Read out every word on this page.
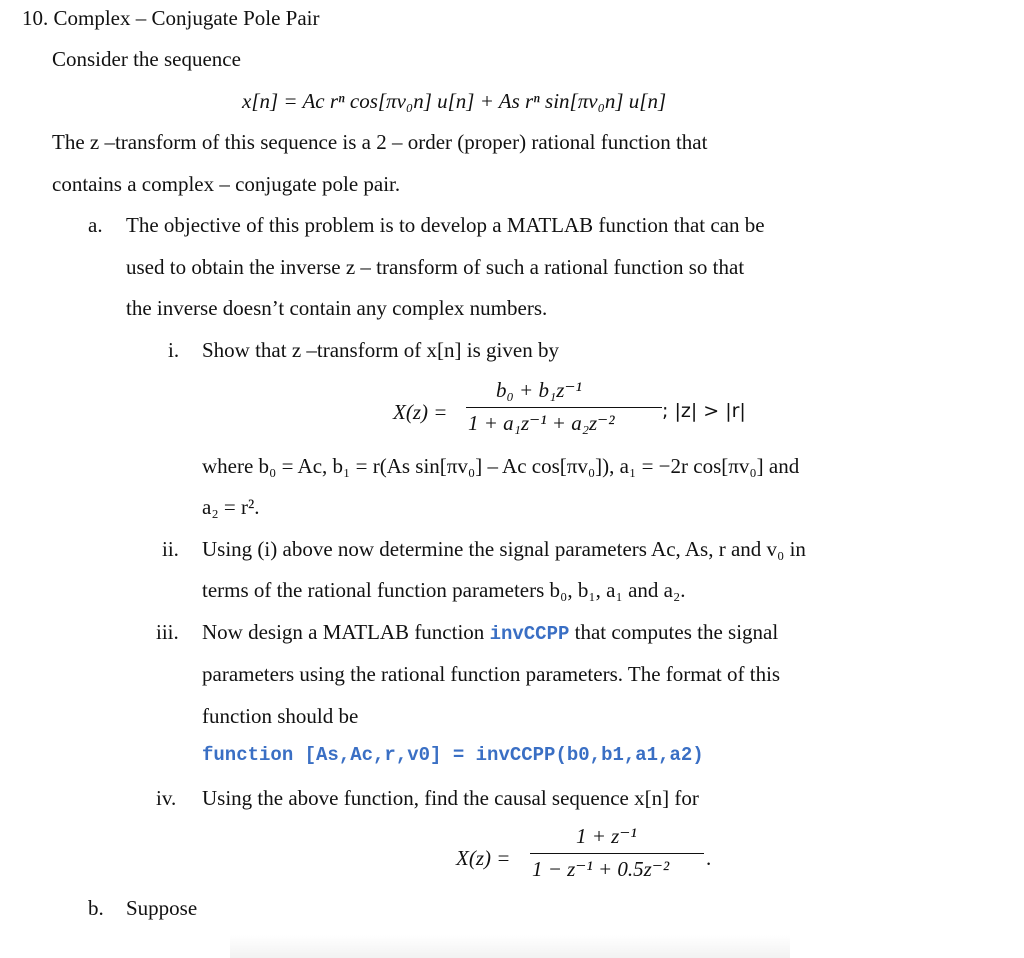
10. Complex – Conjugate Pole Pair
Consider the sequence
x[n] = Ac rⁿ cos[πv₀n] u[n] + As rⁿ sin[πv₀n] u[n]
The z –transform of this sequence is a 2 – order (proper) rational function that
contains a complex – conjugate pole pair.
a. The objective of this problem is to develop a MATLAB function that can be
used to obtain the inverse z – transform of such a rational function so that
the inverse doesn’t contain any complex numbers.
i. Show that z –transform of x[n] is given by
X(z) =
b₀ + b₁z⁻¹
1 + a₁z⁻¹ + a₂z⁻² ; |z| > |r|
where b₀ = Ac, b₁ = r(As sin[πv₀] – Ac cos[πv₀]), a₁ = −2r cos[πv₀] and
a₂ = r².
ii. Using (i) above now determine the signal parameters Ac, As, r and v₀ in
terms of the rational function parameters b₀, b₁, a₁ and a₂.
iii. Now design a MATLAB function invCCPP that computes the signal
parameters using the rational function parameters. The format of this
function should be
function [As,Ac,r,v0] = invCCPP(b0,b1,a1,a2)
iv. Using the above function, find the causal sequence x[n] for
X(z) =
1 + z⁻¹
1 − z⁻¹ + 0.5z⁻² .
b. Suppose
